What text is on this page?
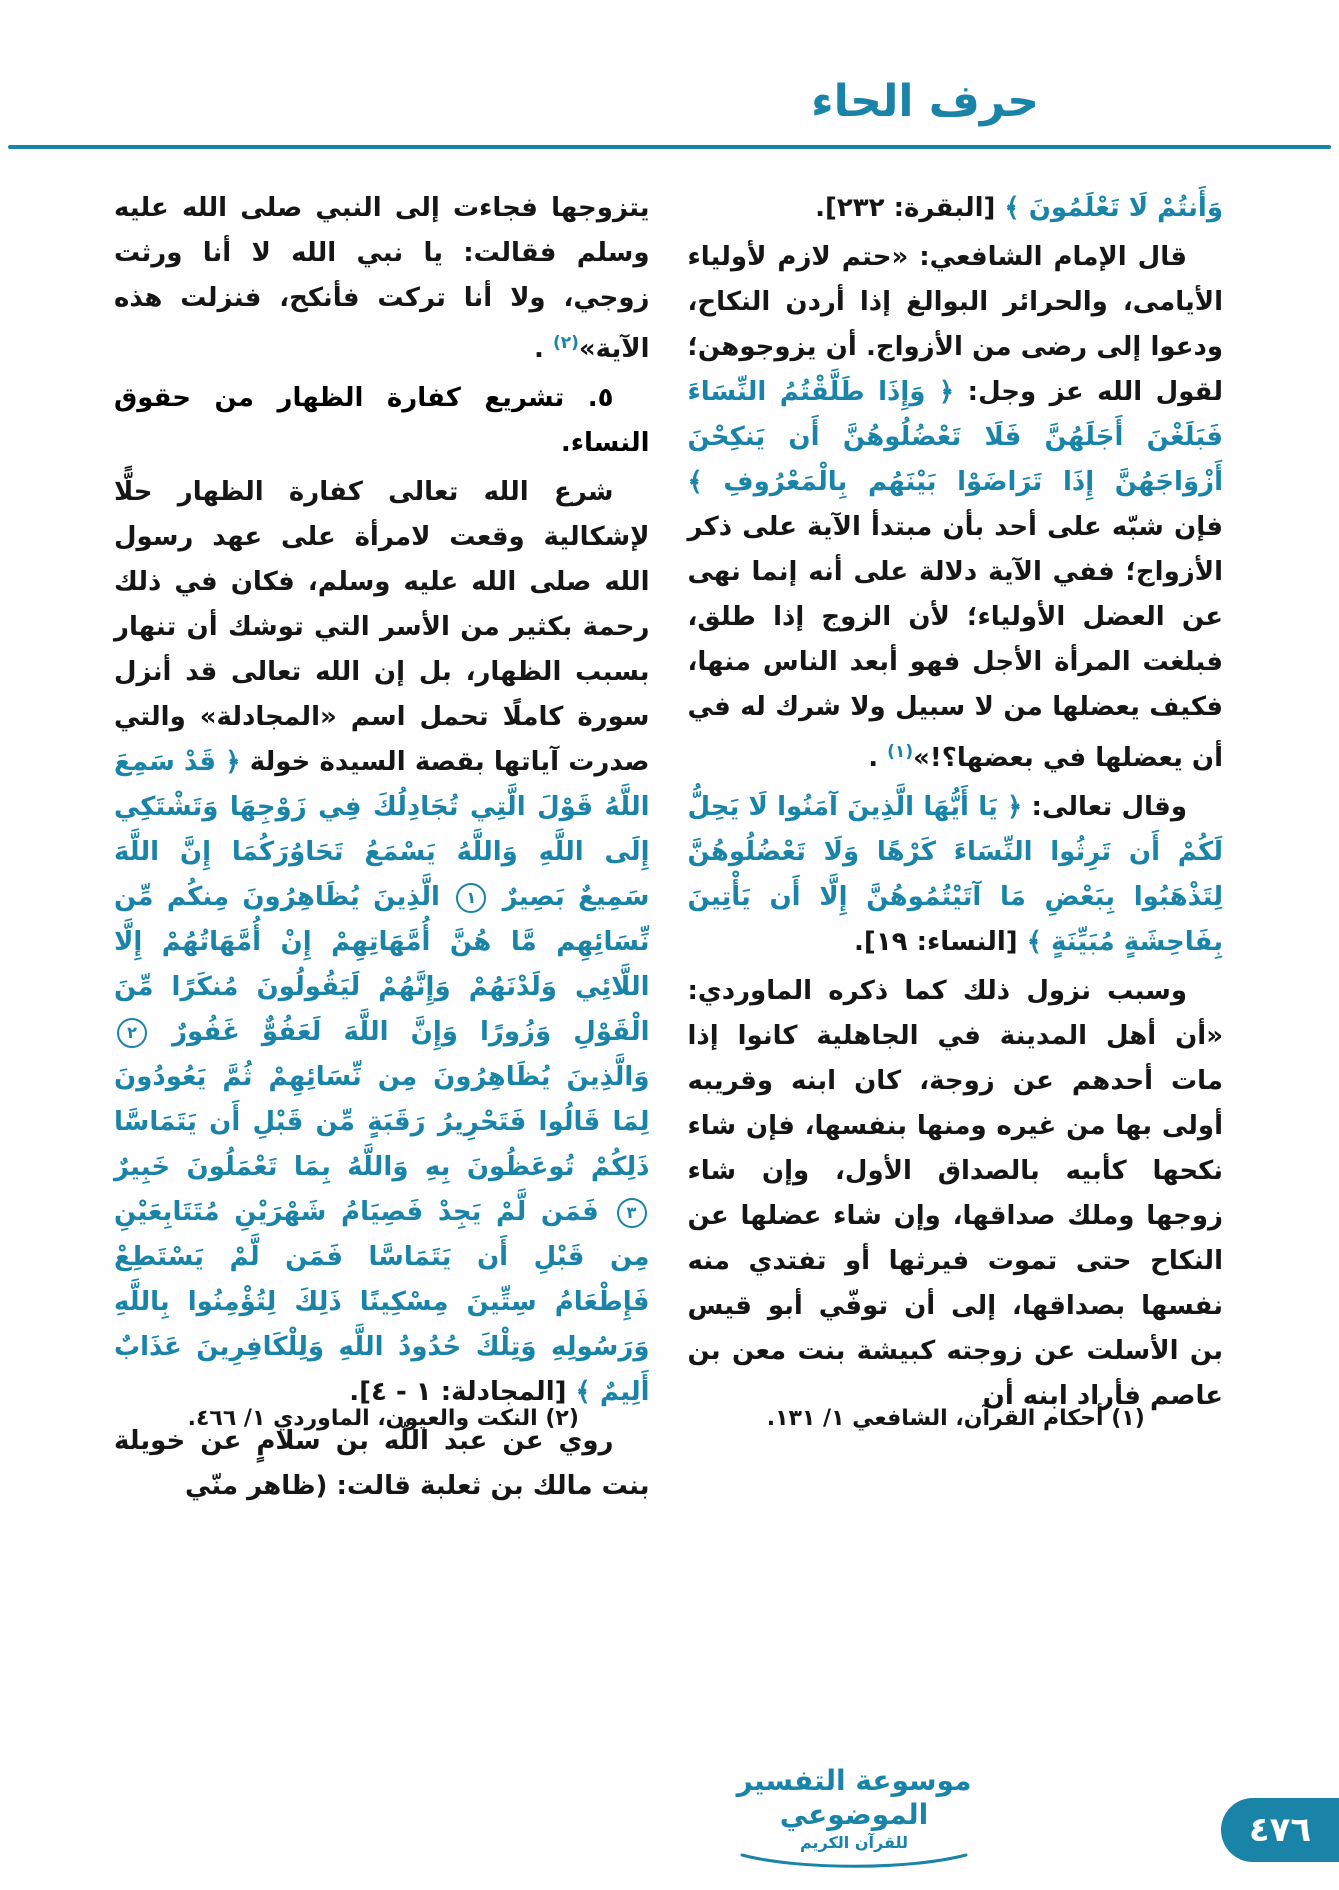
حرف الحاء

وَأَنتُمْ لَا تَعْلَمُونَ ﴾ [البقرة: ٢٣٢].

قال الإمام الشافعي: «حتم لازم لأولياء الأيامى، والحرائر البوالغ إذا أردن النكاح، ودعوا إلى رضى من الأزواج. أن يزوجوهن؛ لقول الله عز وجل: ﴿ وَإِذَا طَلَّقْتُمُ النِّسَاءَ فَبَلَغْنَ أَجَلَهُنَّ فَلَا تَعْضُلُوهُنَّ أَن يَنكِحْنَ أَزْوَاجَهُنَّ إِذَا تَرَاضَوْا بَيْنَهُم بِالْمَعْرُوفِ ﴾ فإن شبّه على أحد بأن مبتدأ الآية على ذكر الأزواج؛ ففي الآية دلالة على أنه إنما نهى عن العضل الأولياء؛ لأن الزوج إذا طلق، فبلغت المرأة الأجل فهو أبعد الناس منها، فكيف يعضلها من لا سبيل ولا شرك له في أن يعضلها في بعضها؟!»$^{(١)}$ .

وقال تعالى: ﴿ يَا أَيُّهَا الَّذِينَ آمَنُوا لَا يَحِلُّ لَكُمْ أَن تَرِثُوا النِّسَاءَ كَرْهًا وَلَا تَعْضُلُوهُنَّ لِتَذْهَبُوا بِبَعْضِ مَا آتَيْتُمُوهُنَّ إِلَّا أَن يَأْتِينَ بِفَاحِشَةٍ مُبَيِّنَةٍ ﴾ [النساء: ١٩].

وسبب نزول ذلك كما ذكره الماوردي: «أن أهل المدينة في الجاهلية كانوا إذا مات أحدهم عن زوجة، كان ابنه وقريبه أولى بها من غيره ومنها بنفسها، فإن شاء نكحها كأبيه بالصداق الأول، وإن شاء زوجها وملك صداقها، وإن شاء عضلها عن النكاح حتى تموت فيرثها أو تفتدي منه نفسها بصداقها، إلى أن توفّي أبو قيس بن الأسلت عن زوجته كبيشة بنت معن بن عاصم فأراد ابنه أن

يتزوجها فجاءت إلى النبي صلى الله عليه وسلم فقالت: يا نبي الله لا أنا ورثت زوجي، ولا أنا تركت فأنكح، فنزلت هذه الآية»$^{(٢)}$ .

٥. تشريع كفارة الظهار من حقوق النساء.

شرع الله تعالى كفارة الظهار حلًّا لإشكالية وقعت لامرأة على عهد رسول الله صلى الله عليه وسلم، فكان في ذلك رحمة بكثير من الأسر التي توشك أن تنهار بسبب الظهار، بل إن الله تعالى قد أنزل سورة كاملًا تحمل اسم «المجادلة» والتي صدرت آياتها بقصة السيدة خولة ﴿ قَدْ سَمِعَ اللَّهُ قَوْلَ الَّتِي تُجَادِلُكَ فِي زَوْجِهَا وَتَشْتَكِي إِلَى اللَّهِ وَاللَّهُ يَسْمَعُ تَحَاوُرَكُمَا إِنَّ اللَّهَ سَمِيعٌ بَصِيرٌ ١ الَّذِينَ يُظَاهِرُونَ مِنكُم مِّن نِّسَائِهِم مَّا هُنَّ أُمَّهَاتِهِمْ إِنْ أُمَّهَاتُهُمْ إِلَّا اللَّائِي وَلَدْنَهُمْ وَإِنَّهُمْ لَيَقُولُونَ مُنكَرًا مِّنَ الْقَوْلِ وَزُورًا وَإِنَّ اللَّهَ لَعَفُوٌّ غَفُورٌ ٢ وَالَّذِينَ يُظَاهِرُونَ مِن نِّسَائِهِمْ ثُمَّ يَعُودُونَ لِمَا قَالُوا فَتَحْرِيرُ رَقَبَةٍ مِّن قَبْلِ أَن يَتَمَاسَّا ذَلِكُمْ تُوعَظُونَ بِهِ وَاللَّهُ بِمَا تَعْمَلُونَ خَبِيرٌ ٣ فَمَن لَّمْ يَجِدْ فَصِيَامُ شَهْرَيْنِ مُتَتَابِعَيْنِ مِن قَبْلِ أَن يَتَمَاسَّا فَمَن لَّمْ يَسْتَطِعْ فَإِطْعَامُ سِتِّينَ مِسْكِينًا ذَلِكَ لِتُؤْمِنُوا بِاللَّهِ وَرَسُولِهِ وَتِلْكَ حُدُودُ اللَّهِ وَلِلْكَافِرِينَ عَذَابٌ أَلِيمٌ ﴾ [المجادلة: ١ - ٤].

روي عن عبد اللّه بن سلامٍ عن خويلة بنت مالك بن ثعلبة قالت: (ظاهر منّي

(١) أحكام القرآن، الشافعي ١/ ١٣١.
(٢) النكت والعيون، الماوردي ١/ ٤٦٦.
موسوعة التفسير الموضوعي
للقرآن الكريم	٤٧٦
